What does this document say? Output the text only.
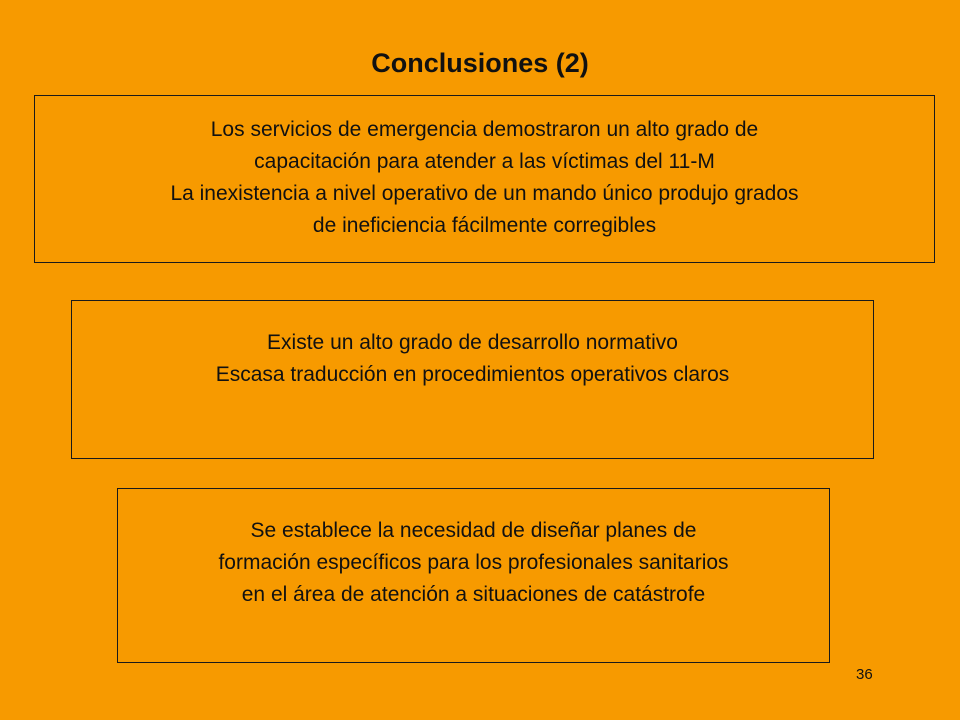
Conclusiones (2)

Los servicios de emergencia demostraron un alto grado de

capacitación para atender a las víctimas del 11-M

La inexistencia a nivel operativo de un mando único produjo grados

de ineficiencia fácilmente corregibles

Existe un alto grado de desarrollo normativo

Escasa traducción en procedimientos operativos claros

Se establece la necesidad de diseñar planes de

formación específicos para los profesionales sanitarios

en el área de atención a situaciones de catástrofe

36
